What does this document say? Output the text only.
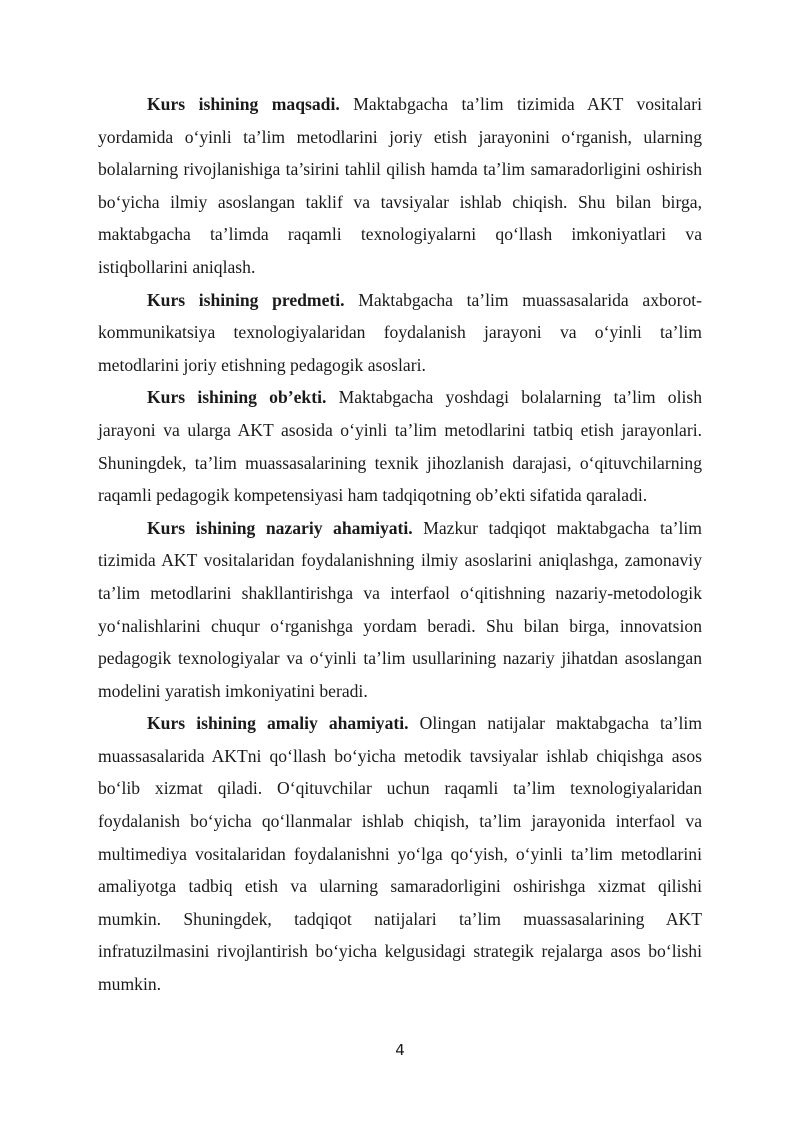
Kurs ishining maqsadi. Maktabgacha ta’lim tizimida AKT vositalari yordamida o‘yinli ta’lim metodlarini joriy etish jarayonini o‘rganish, ularning bolalarning rivojlanishiga ta’sirini tahlil qilish hamda ta’lim samaradorligini oshirish bo‘yicha ilmiy asoslangan taklif va tavsiyalar ishlab chiqish. Shu bilan birga, maktabgacha ta’limda raqamli texnologiyalarni qo‘llash imkoniyatlari va istiqbollarini aniqlash.

Kurs ishining predmeti. Maktabgacha ta’lim muassasalarida axborot-kommunikatsiya texnologiyalaridan foydalanish jarayoni va o‘yinli ta’lim metodlarini joriy etishning pedagogik asoslari.

Kurs ishining ob’ekti. Maktabgacha yoshdagi bolalarning ta’lim olish jarayoni va ularga AKT asosida o‘yinli ta’lim metodlarini tatbiq etish jarayonlari. Shuningdek, ta’lim muassasalarining texnik jihozlanish darajasi, o‘qituvchilarning raqamli pedagogik kompetensiyasi ham tadqiqotning ob’ekti sifatida qaraladi.

Kurs ishining nazariy ahamiyati. Mazkur tadqiqot maktabgacha ta’lim tizimida AKT vositalaridan foydalanishning ilmiy asoslarini aniqlashga, zamonaviy ta’lim metodlarini shakllantirishga va interfaol o‘qitishning nazariy-metodologik yo‘nalishlarini chuqur o‘rganishga yordam beradi. Shu bilan birga, innovatsion pedagogik texnologiyalar va o‘yinli ta’lim usullarining nazariy jihatdan asoslangan modelini yaratish imkoniyatini beradi.

Kurs ishining amaliy ahamiyati. Olingan natijalar maktabgacha ta’lim muassasalarida AKTni qo‘llash bo‘yicha metodik tavsiyalar ishlab chiqishga asos bo‘lib xizmat qiladi. O‘qituvchilar uchun raqamli ta’lim texnologiyalaridan foydalanish bo‘yicha qo‘llanmalar ishlab chiqish, ta’lim jarayonida interfaol va multimediya vositalaridan foydalanishni yo‘lga qo‘yish, o‘yinli ta’lim metodlarini amaliyotga tadbiq etish va ularning samaradorligini oshirishga xizmat qilishi mumkin. Shuningdek, tadqiqot natijalari ta’lim muassasalarining AKT infratuzilmasini rivojlantirish bo‘yicha kelgusidagi strategik rejalarga asos bo‘lishi mumkin.

4
